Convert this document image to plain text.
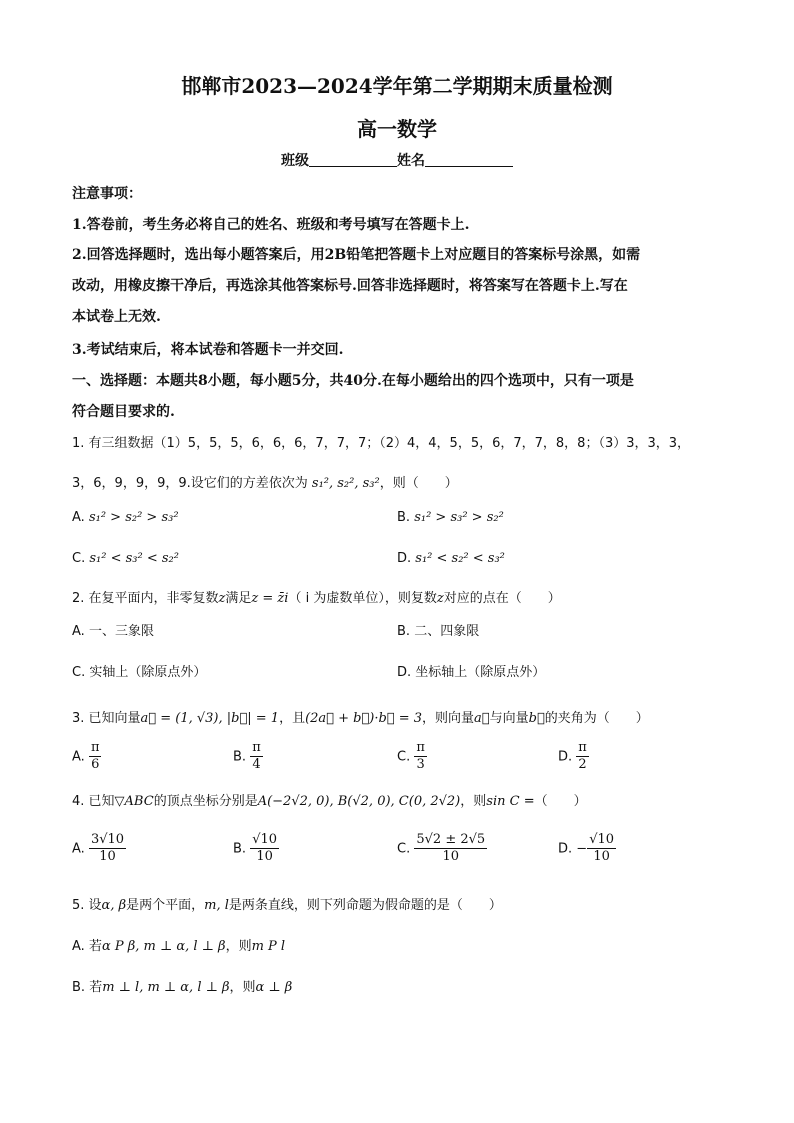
邯郸市2023—2024学年第二学期期末质量检测
高一数学
班级	姓名
注意事项：
1.答卷前，考生务必将自己的姓名、班级和考号填写在答题卡上.
2.回答选择题时，选出每小题答案后，用2B铅笔把答题卡上对应题目的答案标号涂黑，如需
改动，用橡皮擦干净后，再选涂其他答案标号.回答非选择题时，将答案写在答题卡上.写在
本试卷上无效.
3.考试结束后，将本试卷和答题卡一并交回.
一、选择题：本题共8小题，每小题5分，共40分.在每小题给出的四个选项中，只有一项是
符合题目要求的.
1. 有三组数据（1）5，5，5，6，6，6，7，7，7；（2）4，4，5，5，6，7，7，8，8；（3）3，3，3，
3，6，9，9，9，9.设它们的方差依次为 s₁², s₂², s₃²，则（　　）
A. s₁² > s₂² > s₃²	B. s₁² > s₃² > s₂²
C. s₁² < s₃² < s₂²	D. s₁² < s₂² < s₃²
2. 在复平面内，非零复数z满足z = z̄i（ i 为虚数单位），则复数z对应的点在（　　）
A. 一、三象限	B. 二、四象限
C. 实轴上（除原点外）	D. 坐标轴上（除原点外）
3. 已知向量a⃗ = (1, √3), |b⃗| = 1，且(2a⃗ + b⃗)·b⃗ = 3，则向量a⃗与向量b⃗的夹角为（　　）
A. $\frac{\pi}{6}$	B. $\frac{\pi}{4}$	C. $\frac{\pi}{3}$	D. $\frac{\pi}{2}$
4. 已知▽ABC的顶点坐标分别是A(−2√2, 0), B(√2, 0), C(0, 2√2)，则sin C =（　　）
A. $\frac{3√10}{10}$	B. $\frac{√10}{10}$	C. $\frac{5√2 \pm 2√5}{10}$	D. − $\frac{√10}{10}$
5. 设α, β是两个平面，m, l是两条直线，则下列命题为假命题的是（　　）
A. 若α P β, m ⊥ α, l ⊥ β，则m P l
B. 若m ⊥ l, m ⊥ α, l ⊥ β，则α ⊥ β
